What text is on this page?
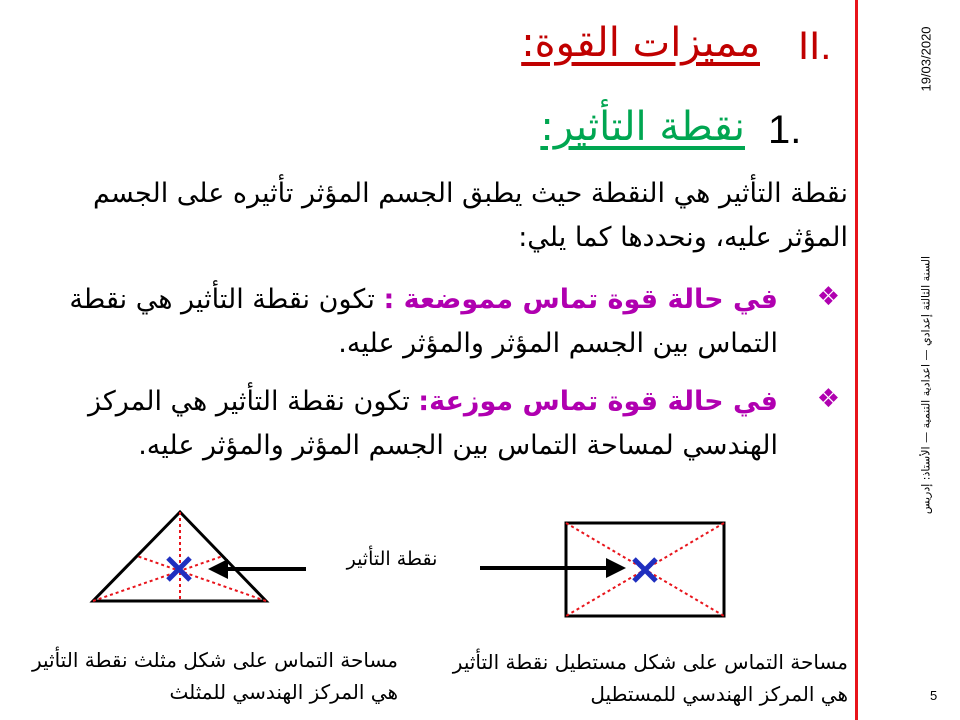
19/03/2020
السنة الثالثة إعدادي — اعدادية التنمية — الأستاذ: إدريس
5
II.
مميزات القوة:
1.
نقطة التأثير:
نقطة التأثير هي النقطة حيث يطبق الجسم المؤثر تأثيره على الجسم المؤثر عليه، ونحددها كما يلي:
❖
في حالة قوة تماس مموضعة : تكون نقطة التأثير هي نقطة التماس بين الجسم المؤثر والمؤثر عليه.
❖
في حالة قوة تماس موزعة: تكون نقطة التأثير هي المركز الهندسي لمساحة التماس بين الجسم المؤثر والمؤثر عليه.
نقطة التأثير
مساحة التماس على شكل مثلث نقطة التأثير هي المركز الهندسي للمثلث
مساحة التماس على شكل مستطيل نقطة التأثير هي المركز الهندسي للمستطيل
